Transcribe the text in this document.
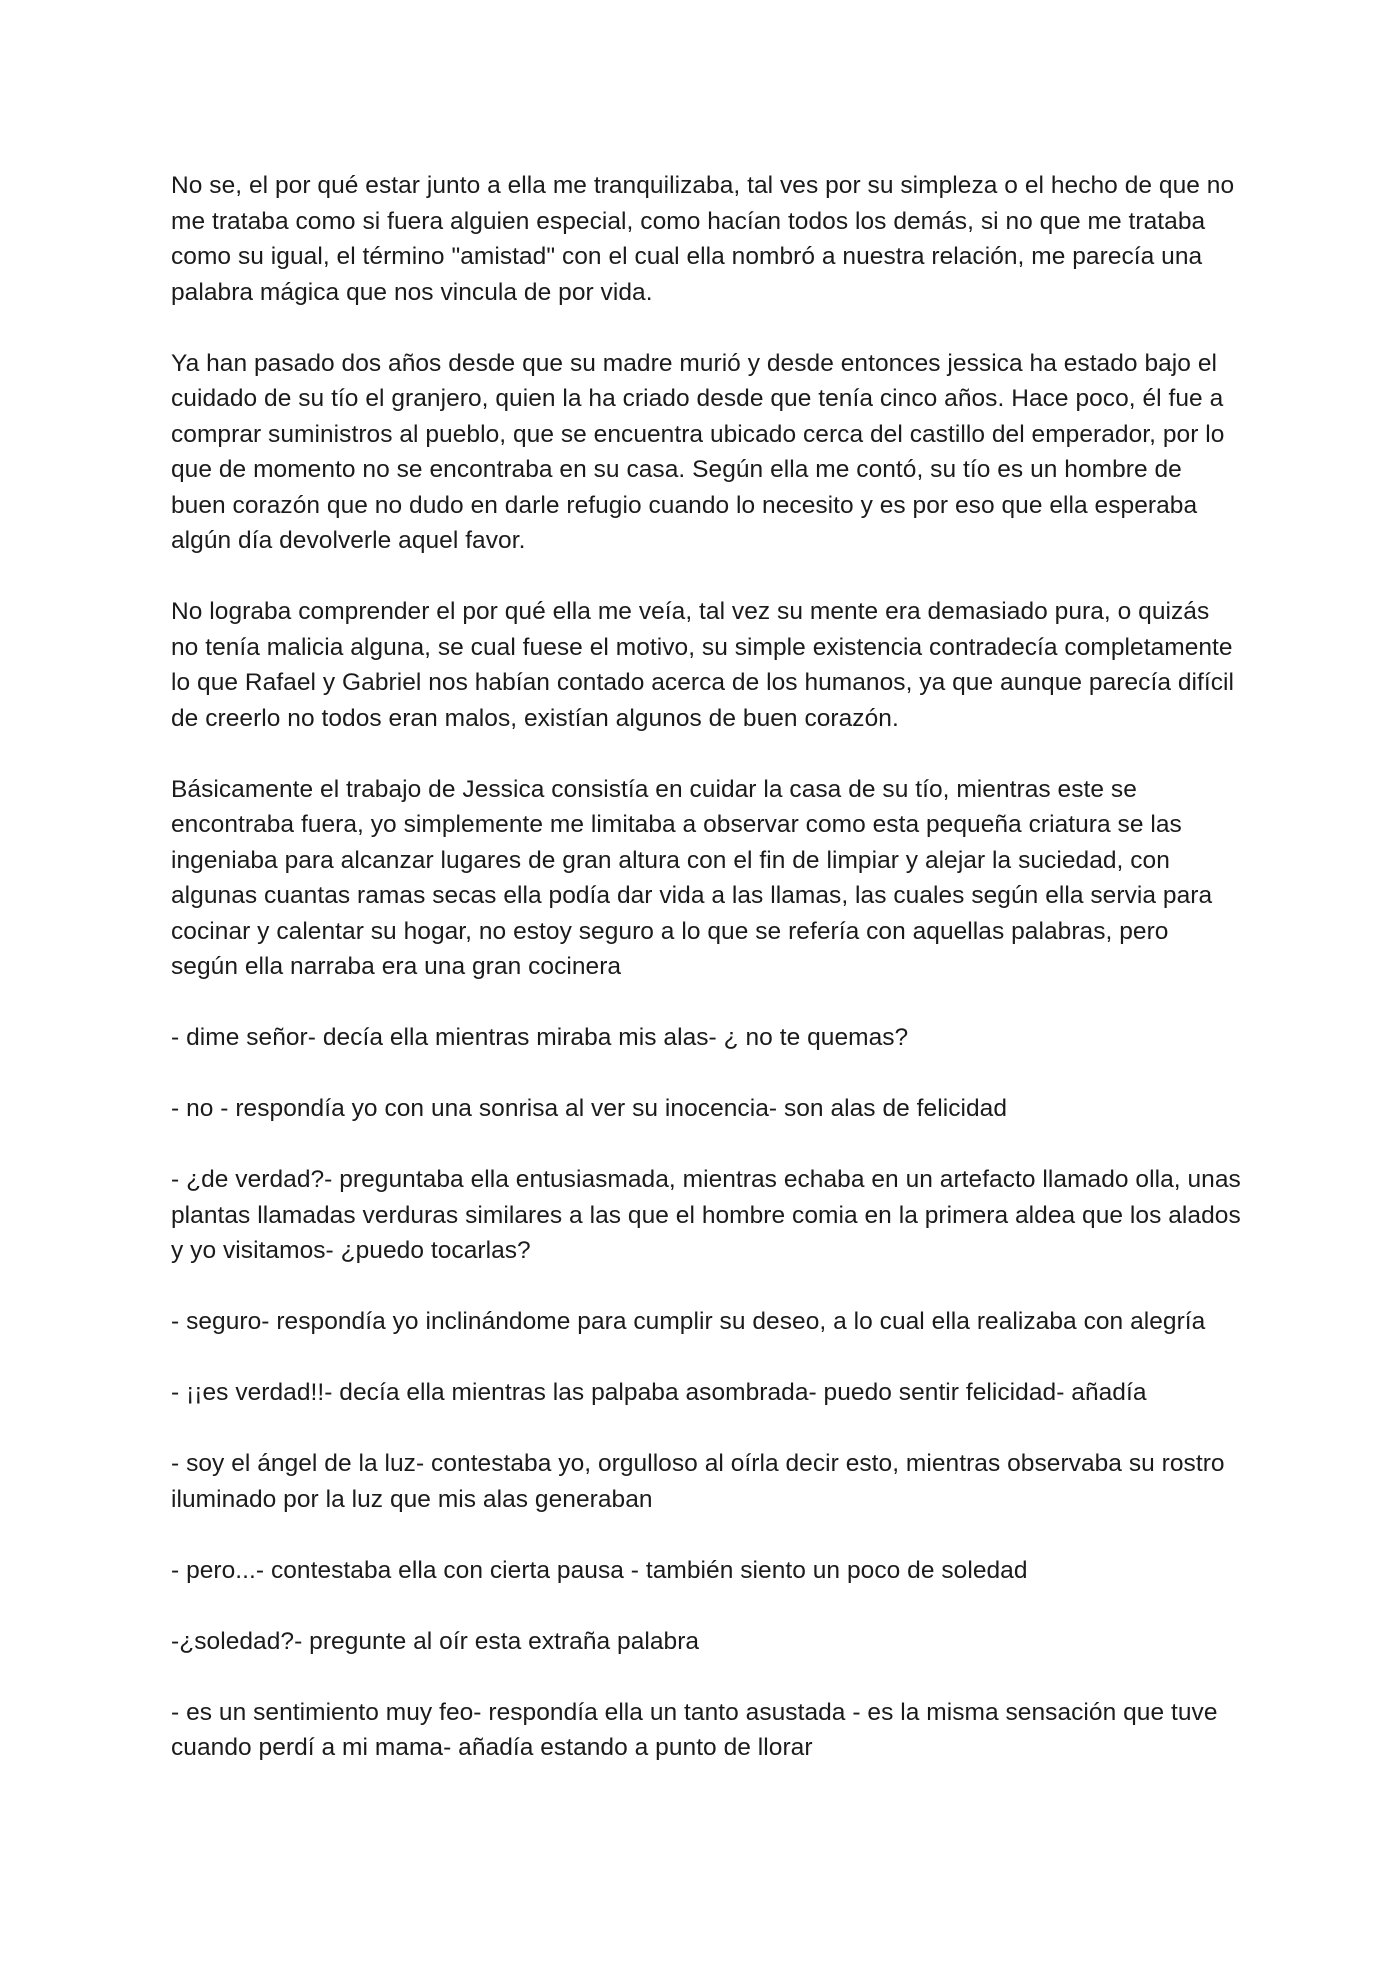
No se, el por qué estar junto a ella me tranquilizaba, tal ves por su simpleza o el hecho de que no me trataba como si fuera alguien especial, como hacían todos los demás, si no que me trataba como su igual, el término "amistad" con el cual ella nombró a nuestra relación, me parecía una palabra mágica que nos vincula de por vida.

Ya han pasado dos años desde que su madre murió y desde entonces jessica ha estado bajo el cuidado de su tío el granjero, quien la ha criado desde que tenía cinco años. Hace poco, él fue a comprar suministros al pueblo, que se encuentra ubicado cerca del castillo del emperador, por lo que de momento no se encontraba en su casa. Según ella me contó, su tío es un hombre de buen corazón que no dudo en darle refugio cuando lo necesito y es por eso que ella esperaba algún día devolverle aquel favor.

No lograba comprender el por qué ella me veía, tal vez su mente era demasiado pura, o quizás no tenía malicia alguna, se cual fuese el motivo, su simple existencia contradecía completamente lo que Rafael y Gabriel nos habían contado acerca de los humanos, ya que aunque parecía difícil de creerlo no todos eran malos, existían algunos de buen corazón.

Básicamente el trabajo de Jessica consistía en cuidar la casa de su tío, mientras este se encontraba fuera, yo simplemente me limitaba a observar como esta pequeña criatura se las ingeniaba para alcanzar lugares de gran altura con el fin de limpiar y alejar la suciedad, con algunas cuantas ramas secas ella podía dar vida a las llamas, las cuales según ella servia para cocinar y calentar su hogar, no estoy seguro a lo que se refería con aquellas palabras, pero según ella narraba era una gran cocinera

- dime señor- decía ella mientras miraba mis alas- ¿ no te quemas?

- no - respondía yo con una sonrisa al ver su inocencia- son alas de felicidad

- ¿de verdad?- preguntaba ella entusiasmada, mientras echaba en un artefacto llamado olla, unas plantas llamadas verduras similares a las que el hombre comia en la primera aldea que los alados y yo visitamos- ¿puedo tocarlas?

- seguro- respondía yo inclinándome para cumplir su deseo, a lo cual ella realizaba con alegría

- ¡¡es verdad!!- decía ella mientras las palpaba asombrada- puedo sentir felicidad- añadía

- soy el ángel de la luz- contestaba yo, orgulloso al oírla decir esto, mientras observaba su rostro iluminado por la luz que mis alas generaban

- pero...- contestaba ella con cierta pausa - también siento un poco de soledad

-¿soledad?- pregunte al oír esta extraña palabra

- es un sentimiento muy feo- respondía ella un tanto asustada - es la misma sensación que tuve cuando perdí a mi mama- añadía estando a punto de llorar
